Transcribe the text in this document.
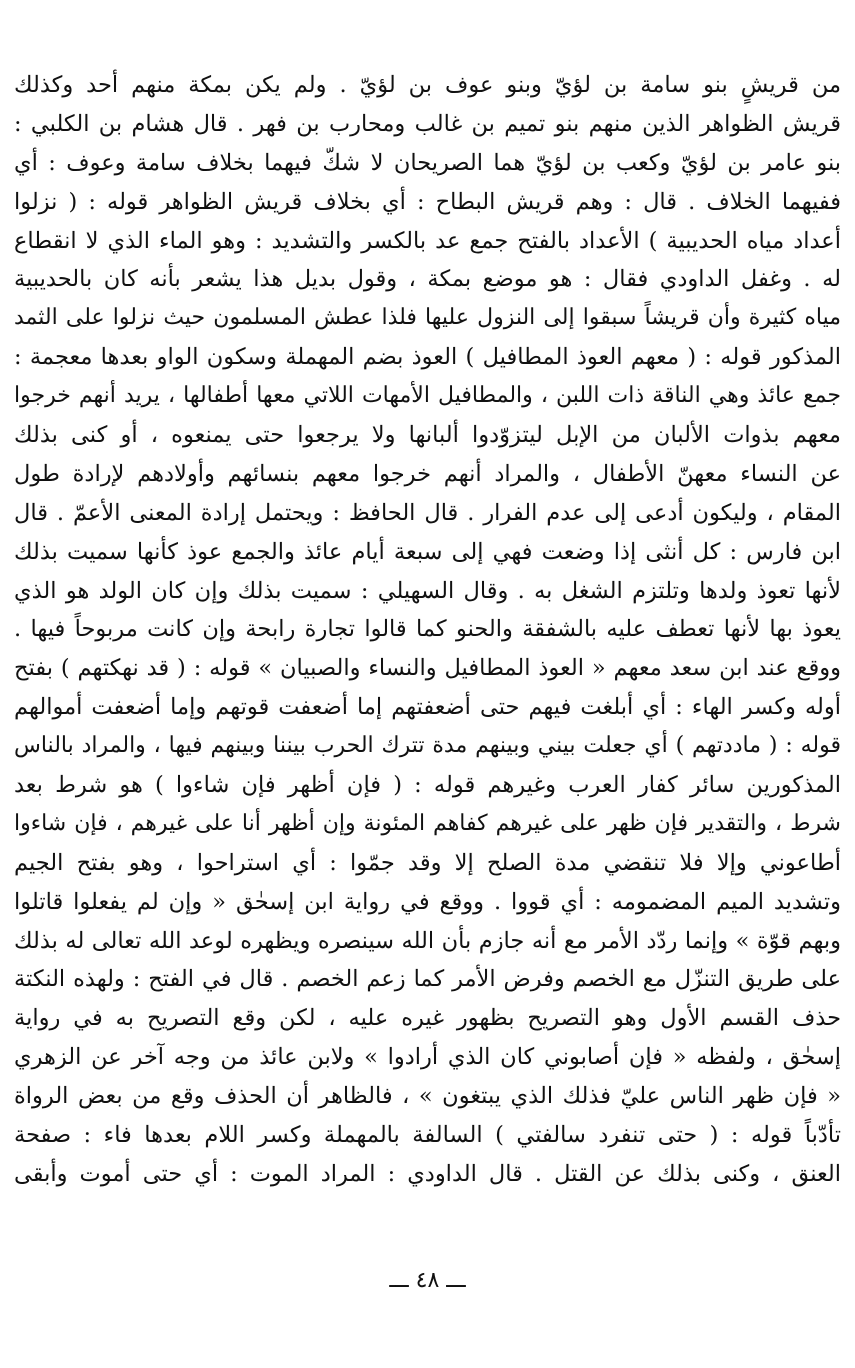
من قريشٍ بنو سامة بن لؤيّ وبنو عوف بن لؤيّ . ولم يكن بمكة منهم أحد وكذلك
قريش الظواهر الذين منهم بنو تميم بن غالب ومحارب بن فهر . قال هشام بن الكلبي :
بنو عامر بن لؤيّ وكعب بن لؤيّ هما الصريحان لا شكّ فيهما بخلاف سامة وعوف : أي
ففيهما الخلاف . قال : وهم قريش البطاح : أي بخلاف قريش الظواهر قوله : ( نزلوا
أعداد مياه الحديبية ) الأعداد بالفتح جمع عد بالكسر والتشديد : وهو الماء الذي لا انقطاع
له . وغفل الداودي فقال : هو موضع بمكة ، وقول بديل هذا يشعر بأنه كان بالحديبية
مياه كثيرة وأن قريشاً سبقوا إلى النزول عليها فلذا عطش المسلمون حيث نزلوا على الثمد
المذكور قوله : ( معهم العوذ المطافيل ) العوذ بضم المهملة وسكون الواو بعدها معجمة :
جمع عائذ وهي الناقة ذات اللبن ، والمطافيل الأمهات اللاتي معها أطفالها ، يريد أنهم خرجوا
معهم بذوات الألبان من الإبل ليتزوّدوا ألبانها ولا يرجعوا حتى يمنعوه ، أو كنى بذلك
عن النساء معهنّ الأطفال ، والمراد أنهم خرجوا معهم بنسائهم وأولادهم لإرادة طول
المقام ، وليكون أدعى إلى عدم الفرار . قال الحافظ : ويحتمل إرادة المعنى الأعمّ . قال
ابن فارس : كل أنثى إذا وضعت فهي إلى سبعة أيام عائذ والجمع عوذ كأنها سميت بذلك
لأنها تعوذ ولدها وتلتزم الشغل به . وقال السهيلي : سميت بذلك وإن كان الولد هو الذي
يعوذ بها لأنها تعطف عليه بالشفقة والحنو كما قالوا تجارة رابحة وإن كانت مربوحاً فيها .
ووقع عند ابن سعد معهم « العوذ المطافيل والنساء والصبيان » قوله : ( قد نهكتهم ) بفتح
أوله وكسر الهاء : أي أبلغت فيهم حتى أضعفتهم إما أضعفت قوتهم وإما أضعفت أموالهم
قوله : ( ماددتهم ) أي جعلت بيني وبينهم مدة تترك الحرب بيننا وبينهم فيها ، والمراد بالناس
المذكورين سائر كفار العرب وغيرهم قوله : ( فإن أظهر فإن شاءوا ) هو شرط بعد
شرط ، والتقدير فإن ظهر على غيرهم كفاهم المئونة وإن أظهر أنا على غيرهم ، فإن شاءوا
أطاعوني وإلا فلا تنقضي مدة الصلح إلا وقد جمّوا : أي استراحوا ، وهو بفتح الجيم
وتشديد الميم المضمومه : أي قووا . ووقع في رواية ابن إسحٰق « وإن لم يفعلوا قاتلوا
وبهم قوّة » وإنما ردّد الأمر مع أنه جازم بأن الله سينصره ويظهره لوعد الله تعالى له بذلك
على طريق التنزّل مع الخصم وفرض الأمر كما زعم الخصم . قال في الفتح : ولهذه النكتة
حذف القسم الأول وهو التصريح بظهور غيره عليه ، لكن وقع التصريح به في رواية
إسحٰق ، ولفظه « فإن أصابوني كان الذي أرادوا » ولابن عائذ من وجه آخر عن الزهري
« فإن ظهر الناس عليّ فذلك الذي يبتغون » ، فالظاهر أن الحذف وقع من بعض الرواة
تأدّباً قوله : ( حتى تنفرد سالفتي ) السالفة بالمهملة وكسر اللام بعدها فاء : صفحة
العنق ، وكنى بذلك عن القتل . قال الداودي : المراد الموت : أي حتى أموت وأبقى
ـــ ٤٨ ـــ
